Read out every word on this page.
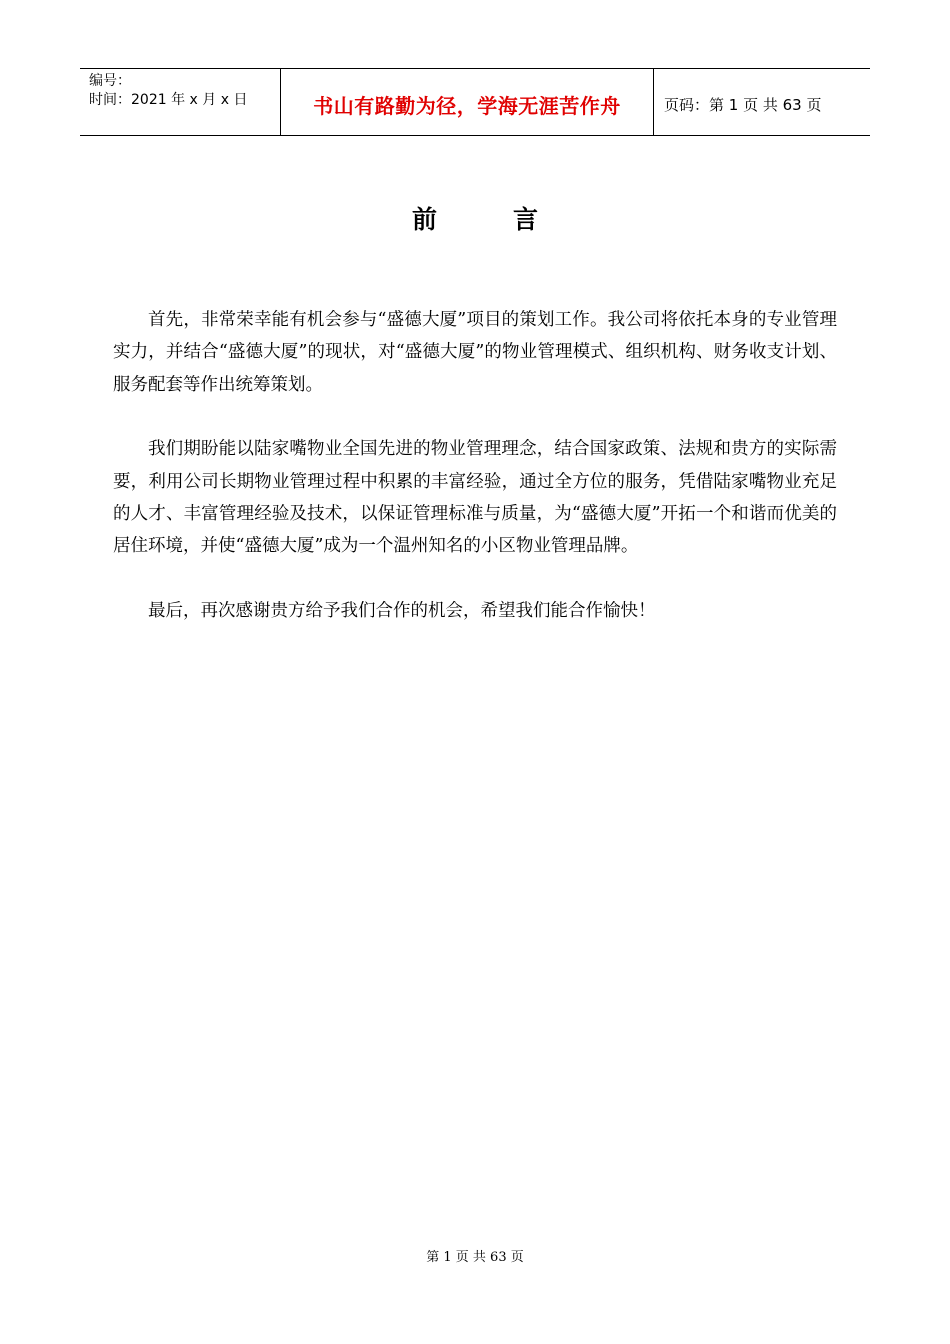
编号：
时间：2021 年 x 月 x 日	书山有路勤为径，学海无涯苦作舟	页码：第 1 页 共 63 页
前	言

首先，非常荣幸能有机会参与“盛德大厦”项目的策划工作。我公司将依托本身的专业管理实力，并结合“盛德大厦”的现状，对“盛德大厦”的物业管理模式、组织机构、财务收支计划、服务配套等作出统筹策划。

我们期盼能以陆家嘴物业全国先进的物业管理理念，结合国家政策、法规和贵方的实际需要，利用公司长期物业管理过程中积累的丰富经验，通过全方位的服务，凭借陆家嘴物业充足的人才、丰富管理经验及技术，以保证管理标准与质量，为“盛德大厦”开拓一个和谐而优美的居住环境，并使“盛德大厦”成为一个温州知名的小区物业管理品牌。

最后，再次感谢贵方给予我们合作的机会，希望我们能合作愉快！

第 1 页 共 63 页
